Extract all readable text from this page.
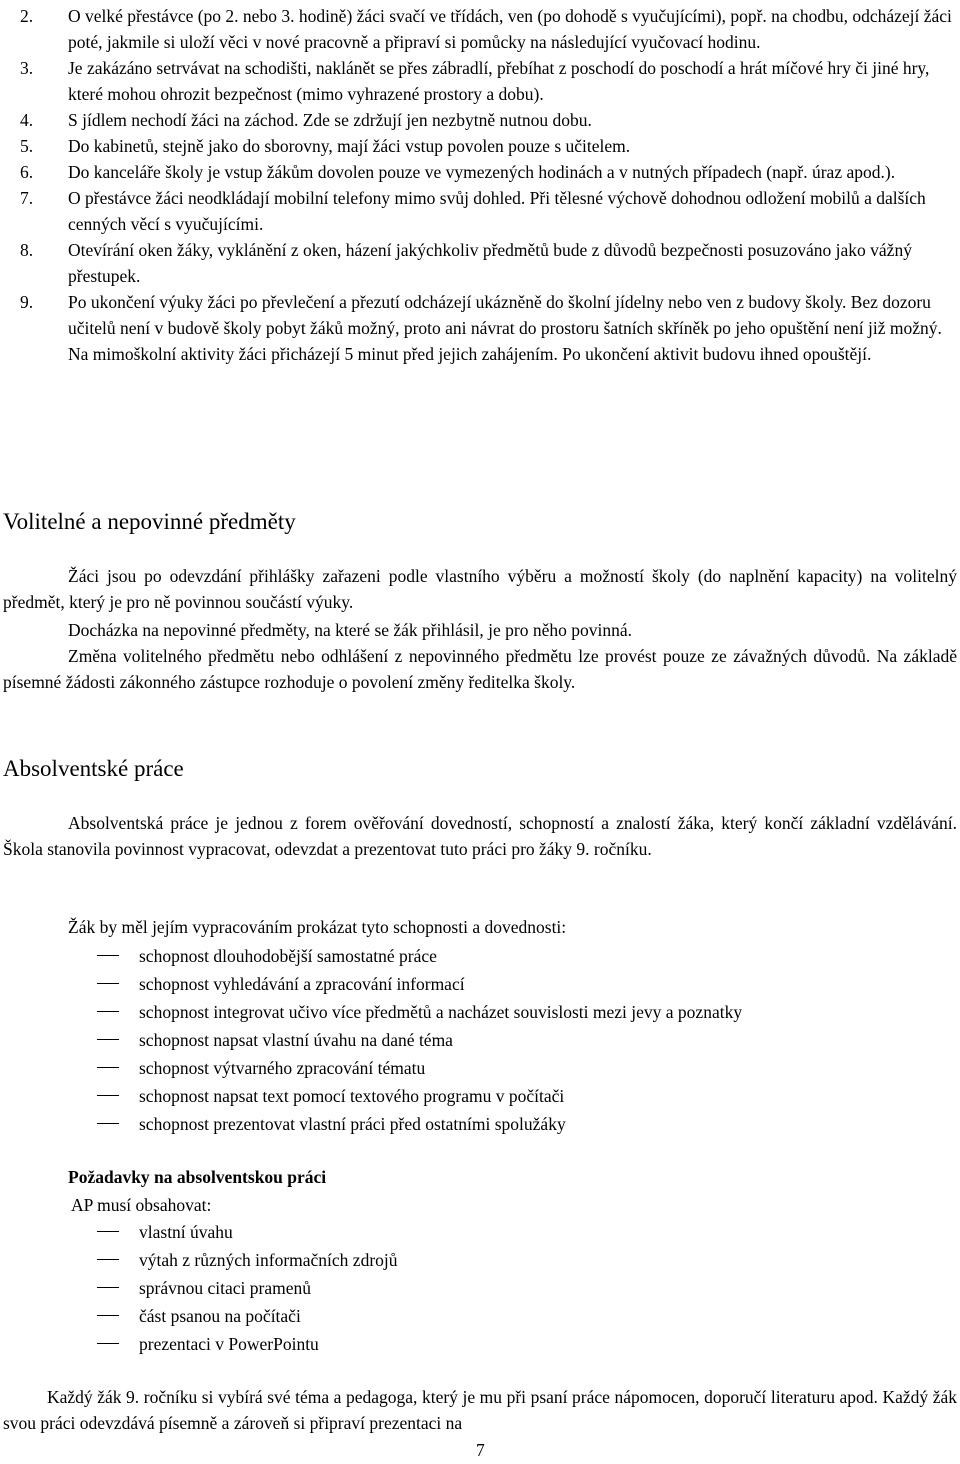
2. O velké přestávce (po 2. nebo 3. hodině) žáci svačí ve třídách, ven (po dohodě s vyučujícími), popř. na chodbu, odcházejí žáci poté, jakmile si uloží věci v nové pracovně a připraví si pomůcky na následující vyučovací hodinu.
3. Je zakázáno setrvávat na schodišti, naklánět se přes zábradlí, přebíhat z poschodí do poschodí a hrát míčové hry či jiné hry, které mohou ohrozit bezpečnost (mimo vyhrazené prostory a dobu).
4. S jídlem nechodí žáci na záchod. Zde se zdržují jen nezbytně nutnou dobu.
5. Do kabinetů, stejně jako do sborovny, mají žáci vstup povolen pouze s učitelem.
6. Do kanceláře školy je vstup žákům dovolen pouze ve vymezených hodinách a v nutných případech (např. úraz apod.).
7. O přestávce žáci neodkládají mobilní telefony mimo svůj dohled. Při tělesné výchově dohodnou odložení mobilů a dalších cenných věcí s vyučujícími.
8. Otevírání oken žáky, vyklánění z oken, házení jakýchkoliv předmětů bude z důvodů bezpečnosti posuzováno jako vážný přestupek.
9. Po ukončení výuky žáci po převlečení a přezutí odcházejí ukázněně do školní jídelny nebo ven z budovy školy. Bez dozoru učitelů není v budově školy pobyt žáků možný, proto ani návrat do prostoru šatních skříněk po jeho opuštění není již možný. Na mimoškolní aktivity žáci přicházejí 5 minut před jejich zahájením. Po ukončení aktivit budovu ihned opouštějí.
Volitelné a nepovinné předměty

Žáci jsou po odevzdání přihlášky zařazeni podle vlastního výběru a možností školy (do naplnění kapacity) na volitelný předmět, který je pro ně povinnou součástí výuky.

Docházka na nepovinné předměty, na které se žák přihlásil, je pro něho povinná.

Změna volitelného předmětu nebo odhlášení z nepovinného předmětu lze provést pouze ze závažných důvodů. Na základě písemné žádosti zákonného zástupce rozhoduje o povolení změny ředitelka školy.

Absolventské práce

Absolventská práce je jednou z forem ověřování dovedností, schopností a znalostí žáka, který končí základní vzdělávání. Škola stanovila povinnost vypracovat, odevzdat a prezentovat tuto práci pro žáky 9. ročníku.

Žák by měl jejím vypracováním prokázat tyto schopnosti a dovednosti:

schopnost dlouhodobější samostatné práce
schopnost vyhledávání a zpracování informací
schopnost integrovat učivo více předmětů a nacházet souvislosti mezi jevy a poznatky
schopnost napsat vlastní úvahu na dané téma
schopnost výtvarného zpracování tématu
schopnost napsat text pomocí textového programu v počítači
schopnost prezentovat vlastní práci před ostatními spolužáky
Požadavky na absolventskou práci
AP musí obsahovat:
vlastní úvahu
výtah z různých informačních zdrojů
správnou citaci pramenů
část psanou na počítači
prezentaci v PowerPointu

Každý žák 9. ročníku si vybírá své téma a pedagoga, který je mu při psaní práce nápomocen, doporučí literaturu apod. Každý žák svou práci odevzdává písemně a zároveň si připraví prezentaci na

7
